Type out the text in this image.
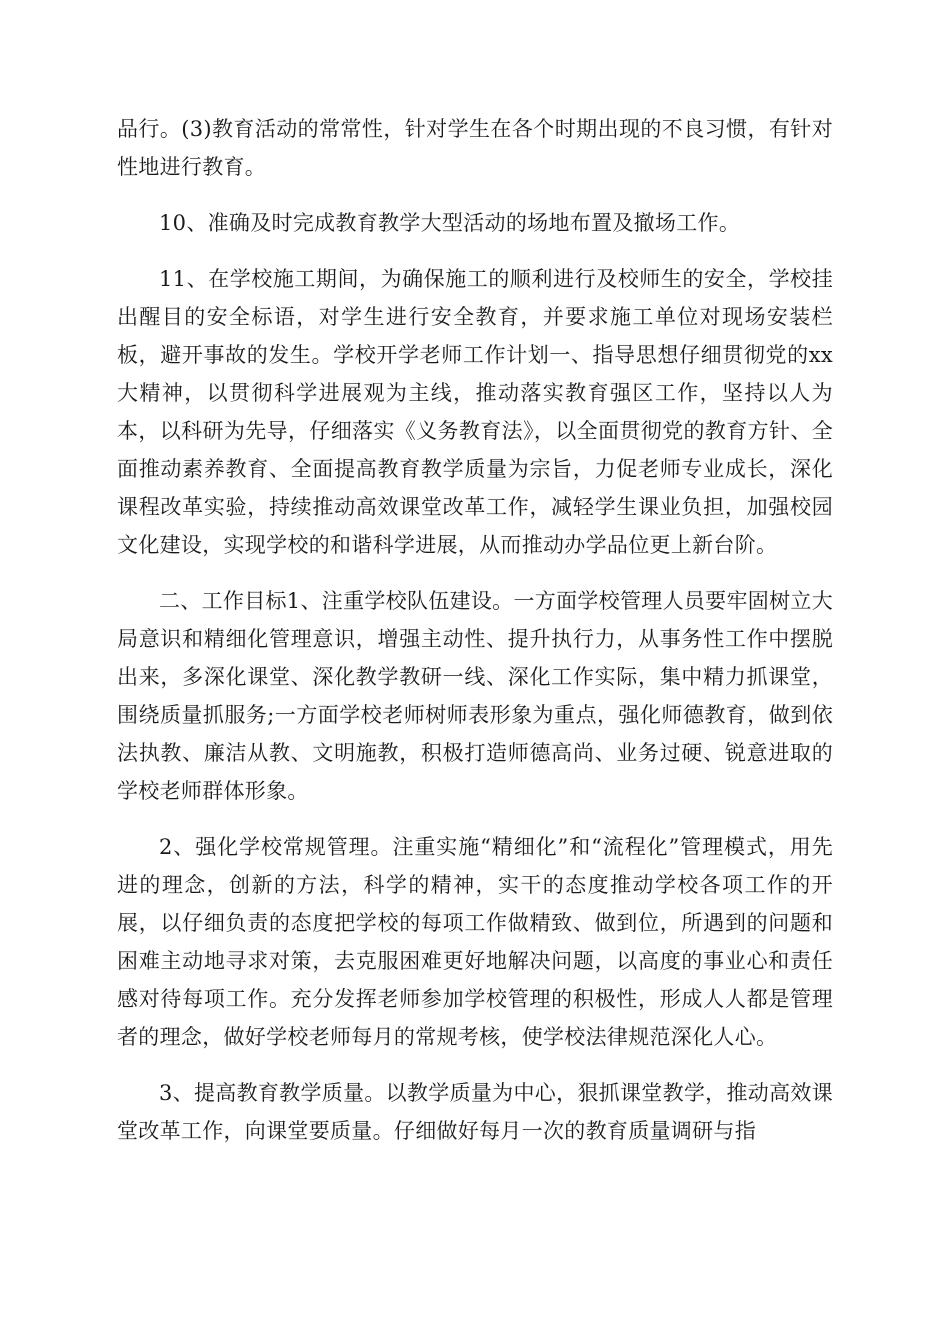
品行。(3)教育活动的常常性，针对学生在各个时期出现的不良习惯，有针对性地进行教育。

10、准确及时完成教育教学大型活动的场地布置及撤场工作。

11、在学校施工期间，为确保施工的顺利进行及校师生的安全，学校挂出醒目的安全标语，对学生进行安全教育，并要求施工单位对现场安装栏板，避开事故的发生。学校开学老师工作计划一、指导思想仔细贯彻党的xx大精神，以贯彻科学进展观为主线，推动落实教育强区工作，坚持以人为本，以科研为先导，仔细落实《义务教育法》，以全面贯彻党的教育方针、全面推动素养教育、全面提高教育教学质量为宗旨，力促老师专业成长，深化课程改革实验，持续推动高效课堂改革工作，减轻学生课业负担，加强校园文化建设，实现学校的和谐科学进展，从而推动办学品位更上新台阶。

二、工作目标1、注重学校队伍建设。一方面学校管理人员要牢固树立大局意识和精细化管理意识，增强主动性、提升执行力，从事务性工作中摆脱出来，多深化课堂、深化教学教研一线、深化工作实际，集中精力抓课堂，围绕质量抓服务;一方面学校老师树师表形象为重点，强化师德教育，做到依法执教、廉洁从教、文明施教，积极打造师德高尚、业务过硬、锐意进取的学校老师群体形象。

2、强化学校常规管理。注重实施“精细化”和“流程化”管理模式，用先进的理念，创新的方法，科学的精神，实干的态度推动学校各项工作的开展，以仔细负责的态度把学校的每项工作做精致、做到位，所遇到的问题和困难主动地寻求对策，去克服困难更好地解决问题，以高度的事业心和责任感对待每项工作。充分发挥老师参加学校管理的积极性，形成人人都是管理者的理念，做好学校老师每月的常规考核，使学校法律规范深化人心。

3、提高教育教学质量。以教学质量为中心，狠抓课堂教学，推动高效课堂改革工作，向课堂要质量。仔细做好每月一次的教育质量调研与指
